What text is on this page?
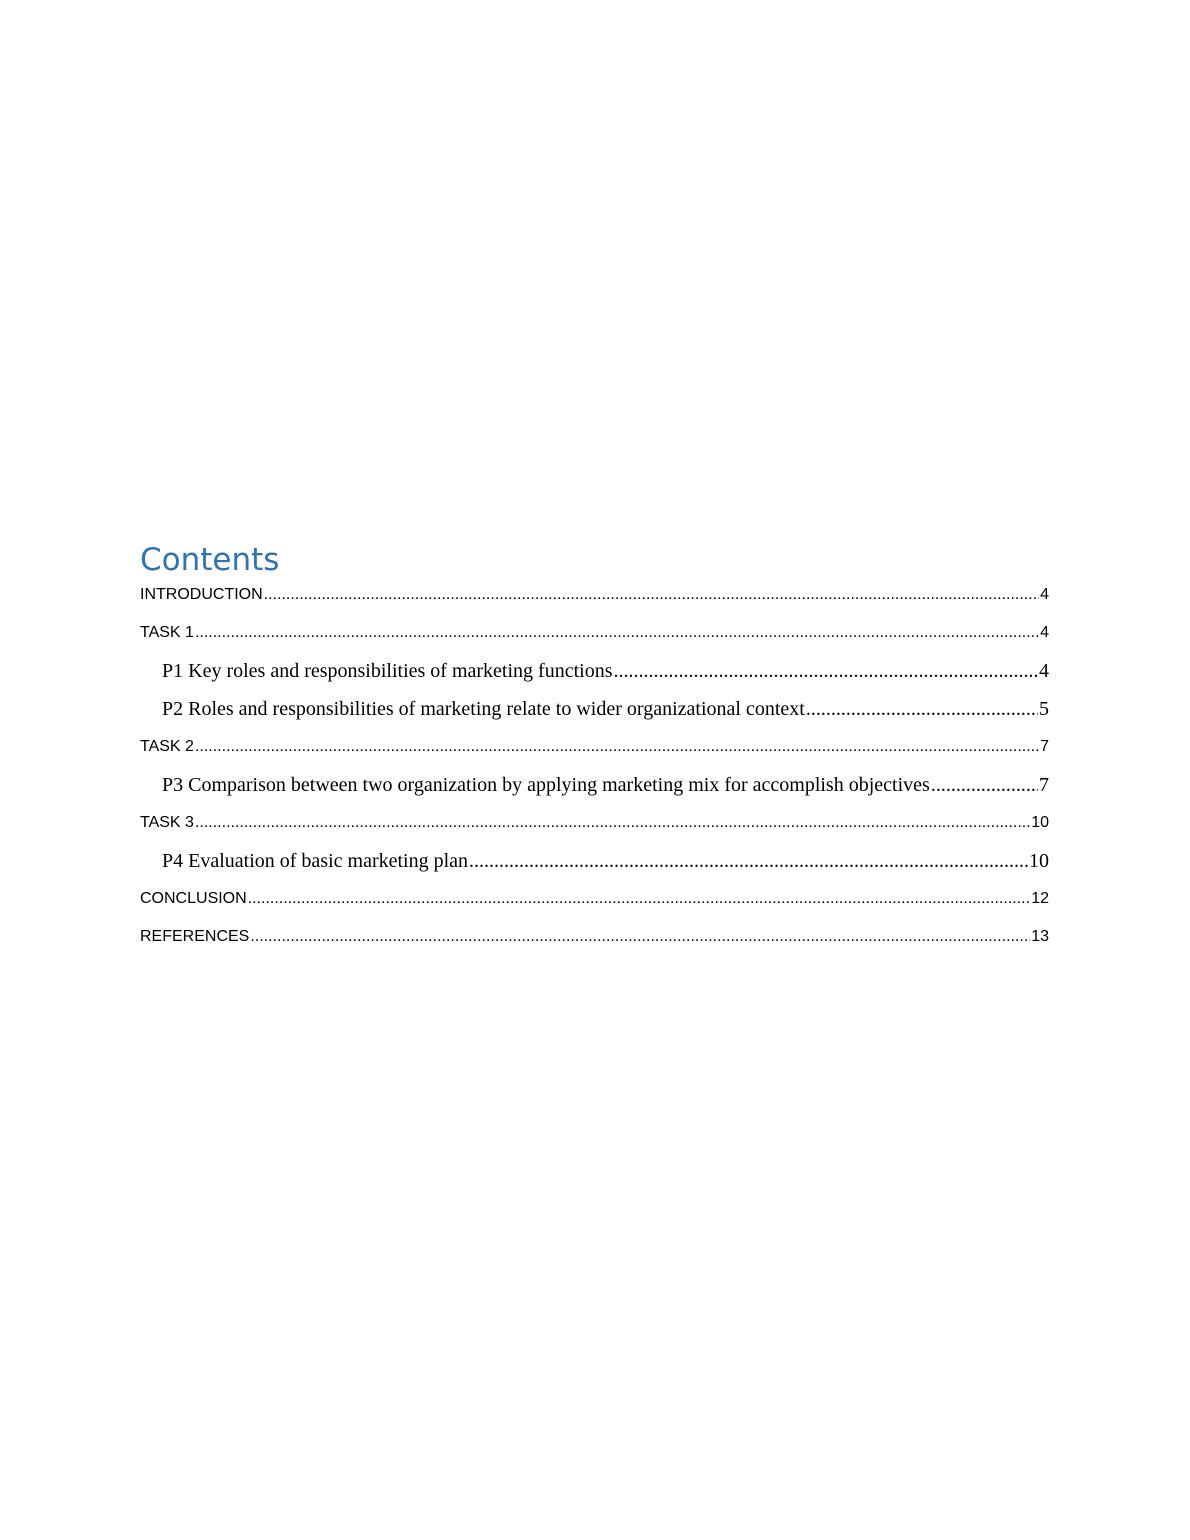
Contents
INTRODUCTION .....	4
TASK 1 .....	4
P1 Key roles and responsibilities of marketing functions .....	4
P2 Roles and responsibilities of marketing relate to wider organizational context .....	5
TASK 2 .....	7
P3 Comparison between two organization by applying marketing mix for accomplish objectives .....	7
TASK 3 .....	10
P4 Evaluation of basic marketing plan .....	10
CONCLUSION .....	12
REFERENCES .....	13
